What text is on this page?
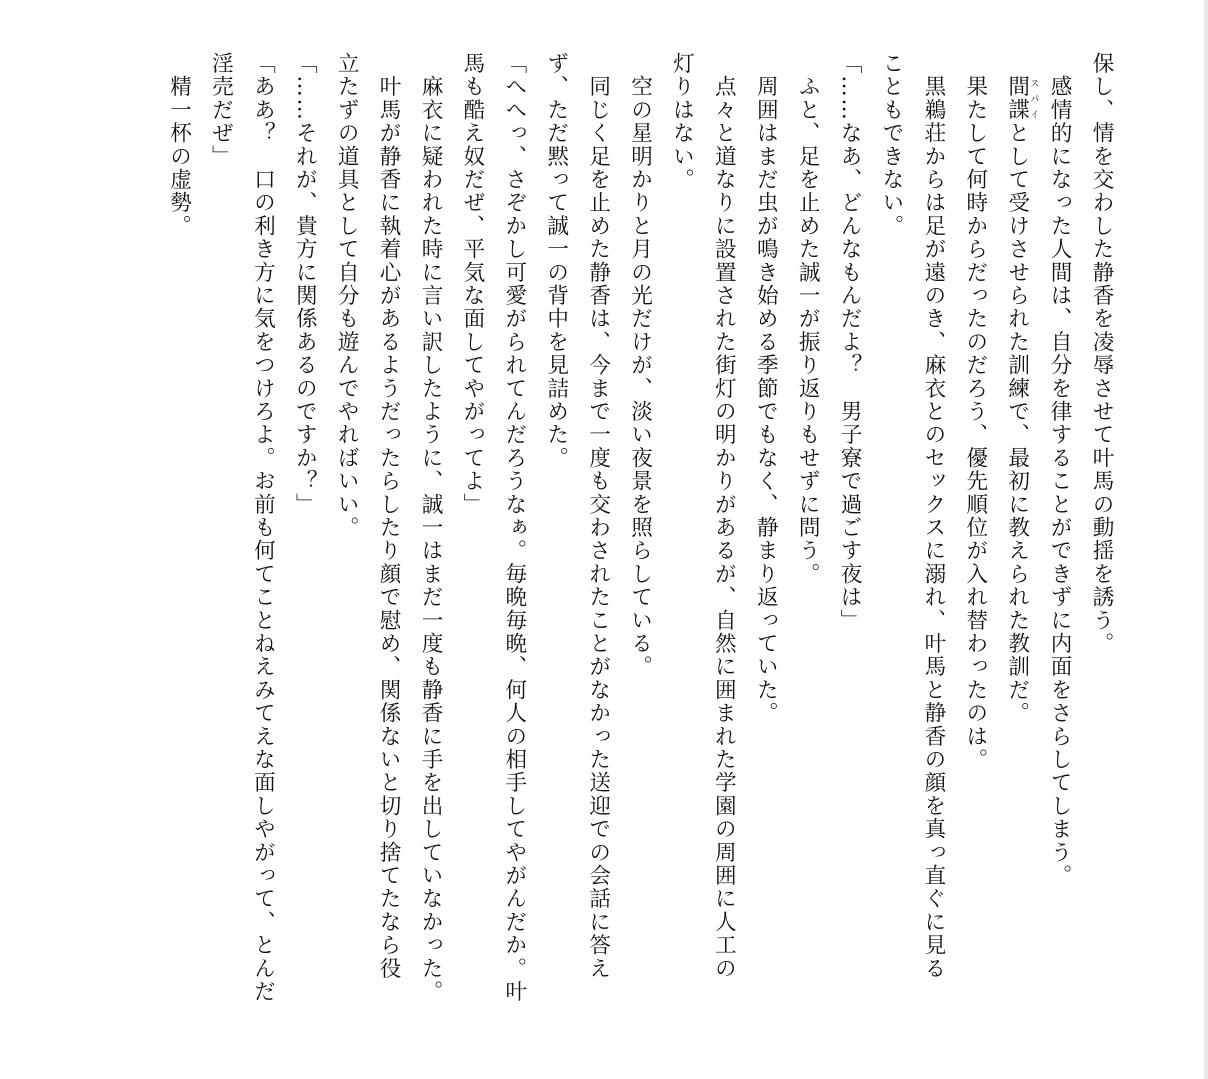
保し、情を交わした静香を凌辱させて叶馬の動揺を誘う。
　感情的になった人間は、自分を律することができずに内面をさらしてしまう。
　間諜スパイとして受けさせられた訓練で、最初に教えられた教訓だ。
　果たして何時からだったのだろう、優先順位が入れ替わったのは。
　黒鵜荘からは足が遠のき、麻衣とのセックスに溺れ、叶馬と静香の顔を真っ直ぐに見る
こともできない。
「……なあ、どんなもんだよ？　男子寮で過ごす夜は」
　ふと、足を止めた誠一が振り返りもせずに問う。
　周囲はまだ虫が鳴き始める季節でもなく、静まり返っていた。
　点々と道なりに設置された街灯の明かりがあるが、自然に囲まれた学園の周囲に人工の
灯りはない。
　空の星明かりと月の光だけが、淡い夜景を照らしている。
　同じく足を止めた静香は、今まで一度も交わされたことがなかった送迎での会話に答え
ず、ただ黙って誠一の背中を見詰めた。
「へへっ、さぞかし可愛がられてんだろうなぁ。毎晩毎晩、何人の相手してやがんだか。叶
馬も酷え奴だぜ、平気な面してやがってよ」
　麻衣に疑われた時に言い訳したように、誠一はまだ一度も静香に手を出していなかった。
　叶馬が静香に執着心があるようだったらしたり顔で慰め、関係ないと切り捨てたなら役
立たずの道具として自分も遊んでやればいい。
「……それが、貴方に関係あるのですか？」
「ああ？　口の利き方に気をつけろよ。お前も何てことねえみてえな面しやがって、とんだ
淫売だぜ」
　精一杯の虚勢。
